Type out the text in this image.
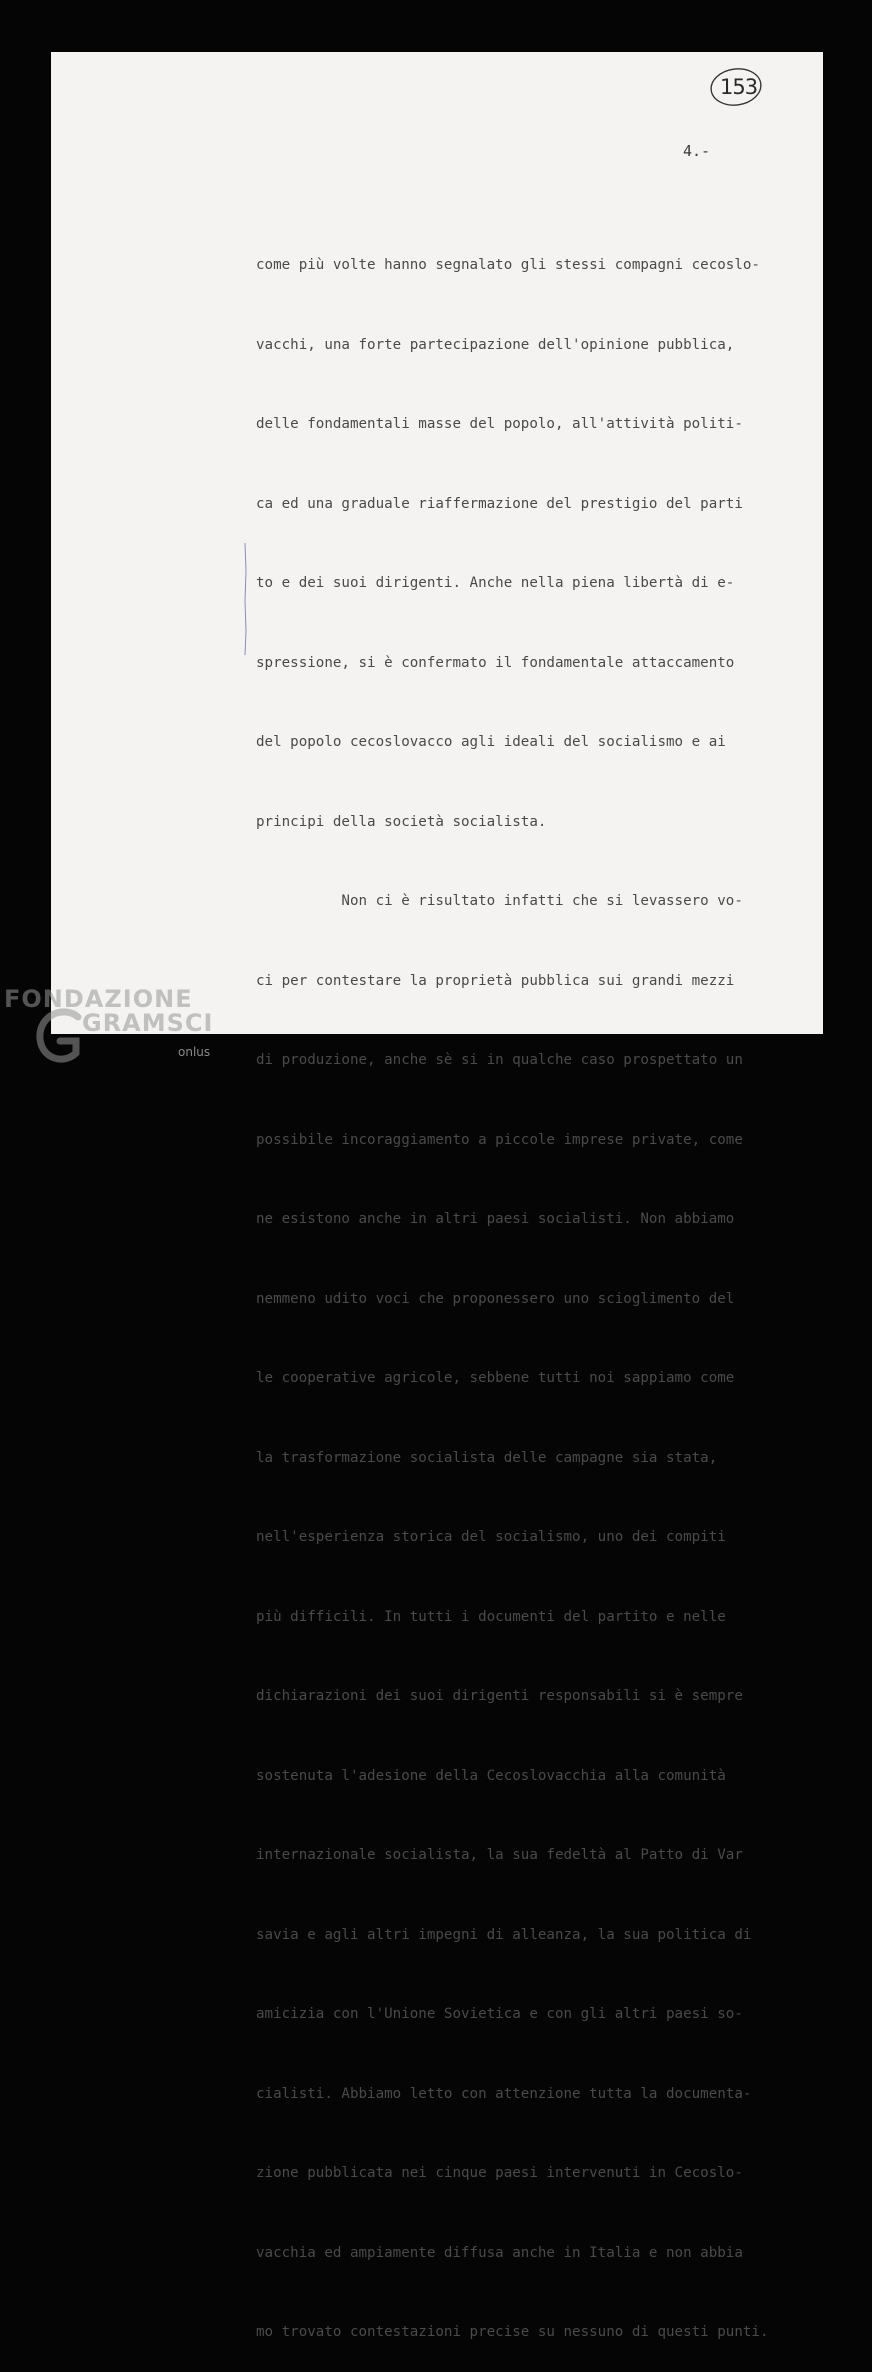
153
4.-

come più volte hanno segnalato gli stessi compagni cecoslo-

vacchi, una forte partecipazione dell'opinione pubblica,

delle fondamentali masse del popolo, all'attività politi-

ca ed una graduale riaffermazione del prestigio del parti

to e dei suoi dirigenti. Anche nella piena libertà di e-

spressione, si è confermato il fondamentale attaccamento

del popolo cecoslovacco agli ideali del socialismo e ai

principi della società socialista.

Non ci è risultato infatti che si levassero vo-

ci per contestare la proprietà pubblica sui grandi mezzi

di produzione, anche sè si in qualche caso prospettato un

possibile incoraggiamento a piccole imprese private, come

ne esistono anche in altri paesi socialisti. Non abbiamo

nemmeno udito voci che proponessero uno scioglimento del

le cooperative agricole, sebbene tutti noi sappiamo come

la trasformazione socialista delle campagne sia stata,

nell'esperienza storica del socialismo, uno dei compiti

più difficili. In tutti i documenti del partito e nelle

dichiarazioni dei suoi dirigenti responsabili si è sempre

sostenuta l'adesione della Cecoslovacchia alla comunità

internazionale socialista, la sua fedeltà al Patto di Var

savia e agli altri impegni di alleanza, la sua politica di

amicizia con l'Unione Sovietica e con gli altri paesi so-

cialisti. Abbiamo letto con attenzione tutta la documenta-

zione pubblicata nei cinque paesi intervenuti in Cecoslo-

vacchia ed ampiamente diffusa anche in Italia e non abbia

mo trovato contestazioni precise su nessuno di questi punti.

FONDAZIONE
GRAMSCI
onlus
